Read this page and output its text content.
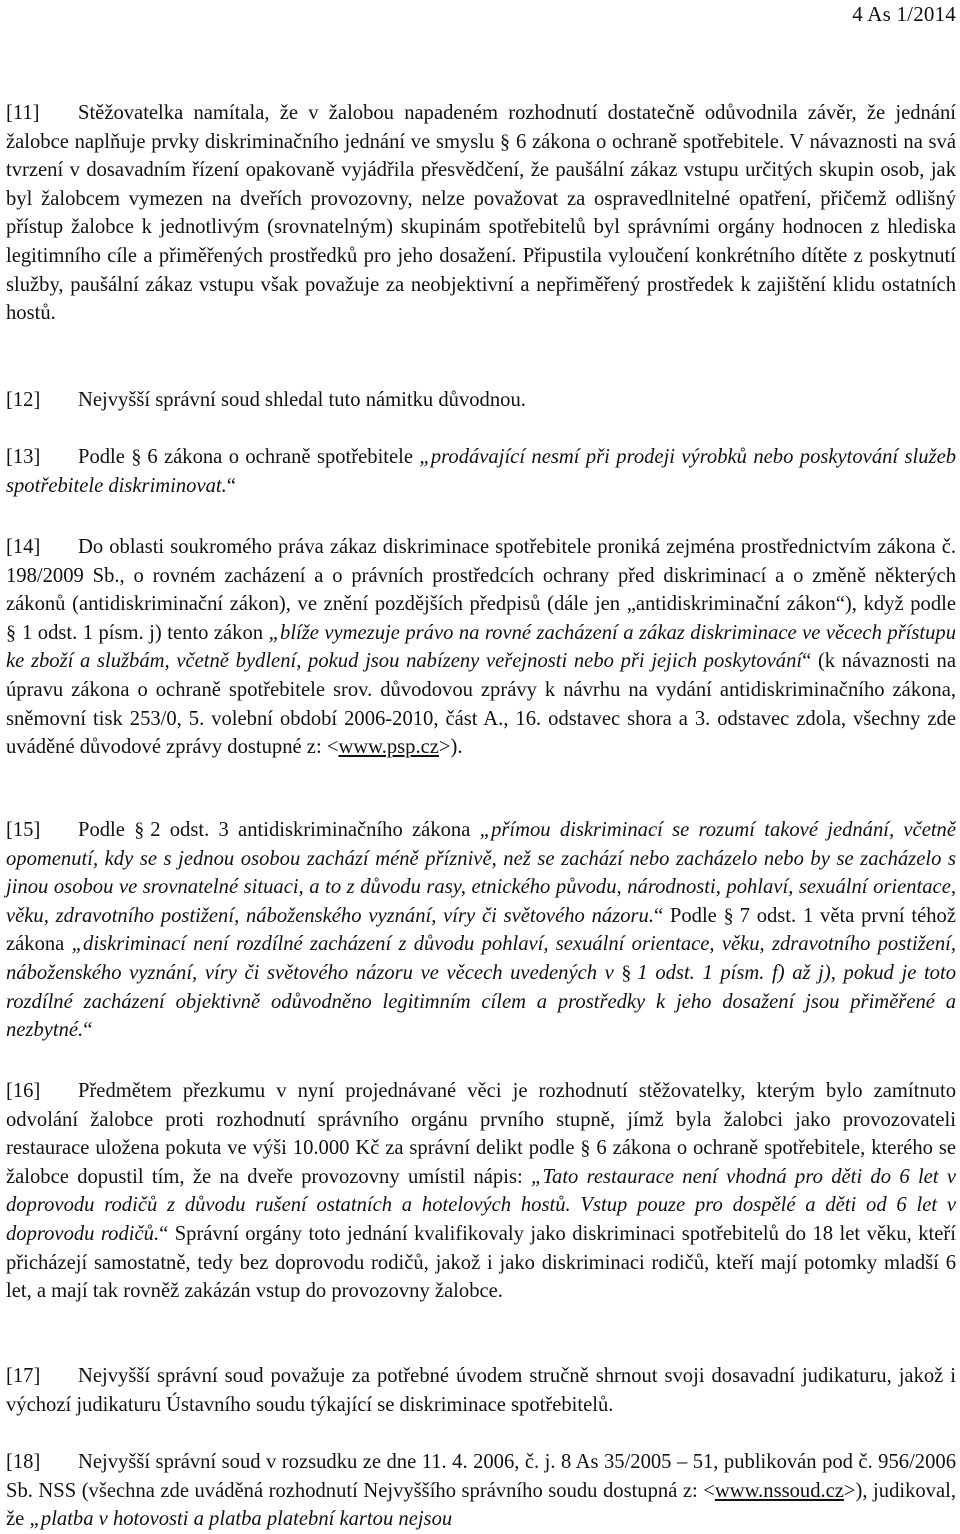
4 As 1/2014
[11] Stěžovatelka namítala, že v žalobou napadeném rozhodnutí dostatečně odůvodnila závěr, že jednání žalobce naplňuje prvky diskriminačního jednání ve smyslu § 6 zákona o ochraně spotřebitele. V návaznosti na svá tvrzení v dosavadním řízení opakovaně vyjádřila přesvědčení, že paušální zákaz vstupu určitých skupin osob, jak byl žalobcem vymezen na dveřích provozovny, nelze považovat za ospravedlnitelné opatření, přičemž odlišný přístup žalobce k jednotlivým (srovnatelným) skupinám spotřebitelů byl správními orgány hodnocen z hlediska legitimního cíle a přiměřených prostředků pro jeho dosažení. Připustila vyloučení konkrétního dítěte z poskytnutí služby, paušální zákaz vstupu však považuje za neobjektivní a nepřiměřený prostředek k zajištění klidu ostatních hostů.
[12] Nejvyšší správní soud shledal tuto námitku důvodnou.
[13] Podle § 6 zákona o ochraně spotřebitele „prodávající nesmí při prodeji výrobků nebo poskytování služeb spotřebitele diskriminovat.“
[14] Do oblasti soukromého práva zákaz diskriminace spotřebitele proniká zejména prostřednictvím zákona č. 198/2009 Sb., o rovném zacházení a o právních prostředcích ochrany před diskriminací a o změně některých zákonů (antidiskriminační zákon), ve znění pozdějších předpisů (dále jen „antidiskriminační zákon“), když podle § 1 odst. 1 písm. j) tento zákon „blíže vymezuje právo na rovné zacházení a zákaz diskriminace ve věcech přístupu ke zboží a službám, včetně bydlení, pokud jsou nabízeny veřejnosti nebo při jejich poskytování“ (k návaznosti na úpravu zákona o ochraně spotřebitele srov. důvodovou zprávy k návrhu na vydání antidiskriminačního zákona, sněmovní tisk 253/0, 5. volební období 2006-2010, část A., 16. odstavec shora a 3. odstavec zdola, všechny zde uváděné důvodové zprávy dostupné z: <www.psp.cz>).
[15] Podle § 2 odst. 3 antidiskriminačního zákona „přímou diskriminací se rozumí takové jednání, včetně opomenutí, kdy se s jednou osobou zachází méně příznivě, než se zachází nebo zacházelo nebo by se zacházelo s jinou osobou ve srovnatelné situaci, a to z důvodu rasy, etnického původu, národnosti, pohlaví, sexuální orientace, věku, zdravotního postižení, náboženského vyznání, víry či světového názoru.“ Podle § 7 odst. 1 věta první téhož zákona „diskriminací není rozdílné zacházení z důvodu pohlaví, sexuální orientace, věku, zdravotního postižení, náboženského vyznání, víry či světového názoru ve věcech uvedených v § 1 odst. 1 písm. f) až j), pokud je toto rozdílné zacházení objektivně odůvodněno legitimním cílem a prostředky k jeho dosažení jsou přiměřené a nezbytné.“
[16] Předmětem přezkumu v nyní projednávané věci je rozhodnutí stěžovatelky, kterým bylo zamítnuto odvolání žalobce proti rozhodnutí správního orgánu prvního stupně, jímž byla žalobci jako provozovateli restaurace uložena pokuta ve výši 10.000 Kč za správní delikt podle § 6 zákona o ochraně spotřebitele, kterého se žalobce dopustil tím, že na dveře provozovny umístil nápis: „Tato restaurace není vhodná pro děti do 6 let v doprovodu rodičů z důvodu rušení ostatních a hotelových hostů. Vstup pouze pro dospělé a děti od 6 let v doprovodu rodičů.“ Správní orgány toto jednání kvalifikovaly jako diskriminaci spotřebitelů do 18 let věku, kteří přicházejí samostatně, tedy bez doprovodu rodičů, jakož i jako diskriminaci rodičů, kteří mají potomky mladší 6 let, a mají tak rovněž zakázán vstup do provozovny žalobce.
[17] Nejvyšší správní soud považuje za potřebné úvodem stručně shrnout svoji dosavadní judikaturu, jakož i výchozí judikaturu Ústavního soudu týkající se diskriminace spotřebitelů.
[18] Nejvyšší správní soud v rozsudku ze dne 11. 4. 2006, č. j. 8 As 35/2005 – 51, publikován pod č. 956/2006 Sb. NSS (všechna zde uváděná rozhodnutí Nejvyššího správního soudu dostupná z: <www.nssoud.cz>), judikoval, že „platba v hotovosti a platba platební kartou nejsou
